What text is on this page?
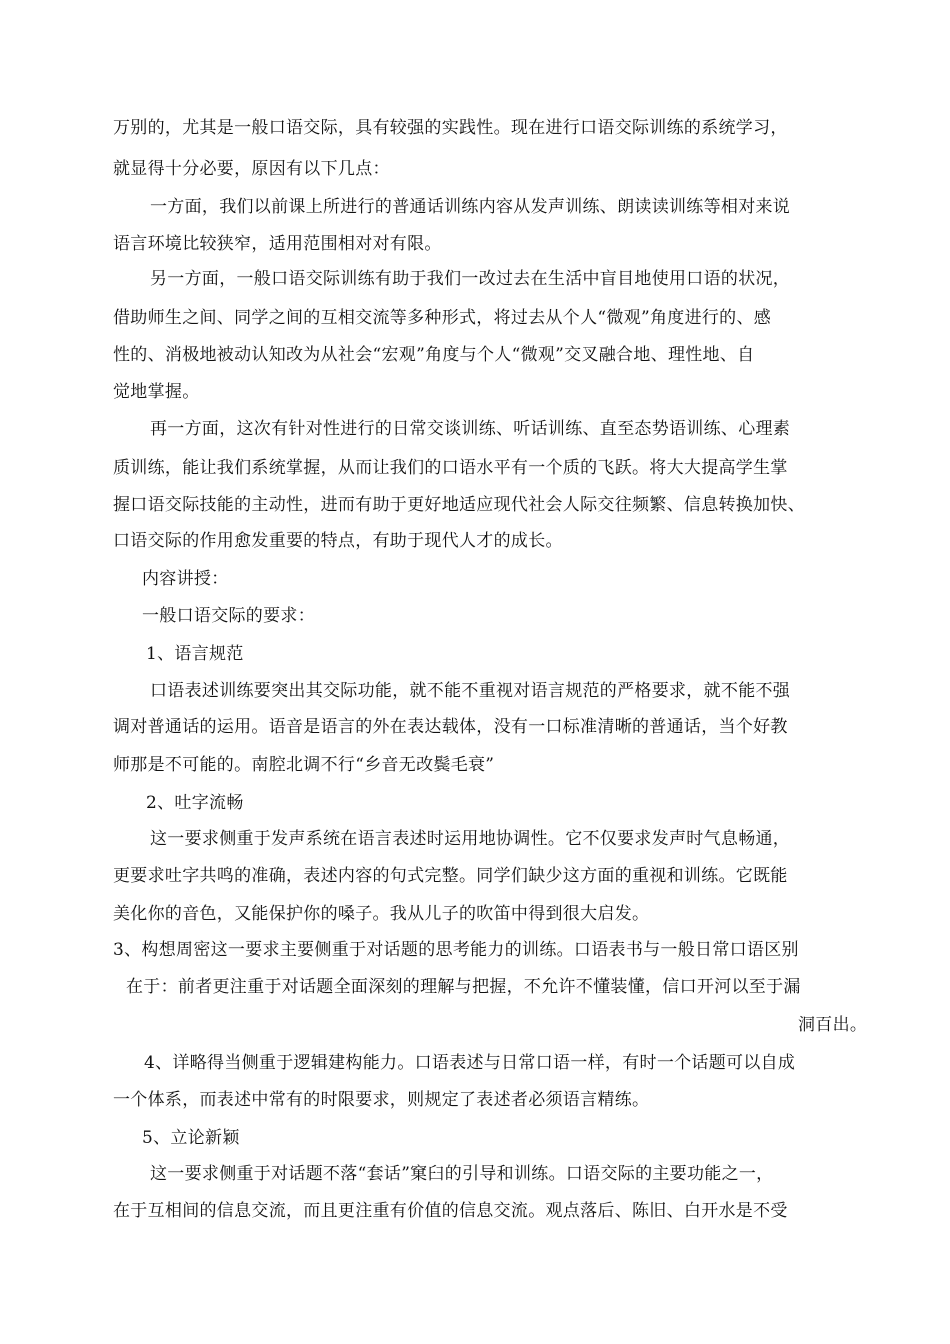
万别的，尤其是一般口语交际，具有较强的实践性。现在进行口语交际训练的系统学习，
就显得十分必要，原因有以下几点：
一方面，我们以前课上所进行的普通话训练内容从发声训练、朗读读训练等相对来说
语言环境比较狭窄，适用范围相对对有限。
另一方面，一般口语交际训练有助于我们一改过去在生活中盲目地使用口语的状况，
借助师生之间、同学之间的互相交流等多种形式，将过去从个人“微观”角度进行的、感
性的、消极地被动认知改为从社会“宏观”角度与个人“微观”交叉融合地、理性地、自
觉地掌握。
再一方面，这次有针对性进行的日常交谈训练、听话训练、直至态势语训练、心理素
质训练，能让我们系统掌握，从而让我们的口语水平有一个质的飞跃。将大大提高学生掌
握口语交际技能的主动性，进而有助于更好地适应现代社会人际交往频繁、信息转换加快、
口语交际的作用愈发重要的特点，有助于现代人才的成长。
内容讲授：
一般口语交际的要求：
1、语言规范
口语表述训练要突出其交际功能，就不能不重视对语言规范的严格要求，就不能不强
调对普通话的运用。语音是语言的外在表达载体，没有一口标准清晰的普通话，当个好教
师那是不可能的。南腔北调不行“乡音无改鬓毛衰”
2、吐字流畅
这一要求侧重于发声系统在语言表述时运用地协调性。它不仅要求发声时气息畅通，
更要求吐字共鸣的准确，表述内容的句式完整。同学们缺少这方面的重视和训练。它既能
美化你的音色，又能保护你的嗓子。我从儿子的吹笛中得到很大启发。
3、构想周密这一要求主要侧重于对话题的思考能力的训练。口语表书与一般日常口语区别
在于：前者更注重于对话题全面深刻的理解与把握，不允许不懂装懂，信口开河以至于漏
洞百出。
4、详略得当侧重于逻辑建构能力。口语表述与日常口语一样，有时一个话题可以自成
一个体系，而表述中常有的时限要求，则规定了表述者必须语言精练。
5、立论新颖
这一要求侧重于对话题不落“套话”窠臼的引导和训练。口语交际的主要功能之一，
在于互相间的信息交流，而且更注重有价值的信息交流。观点落后、陈旧、白开水是不受
